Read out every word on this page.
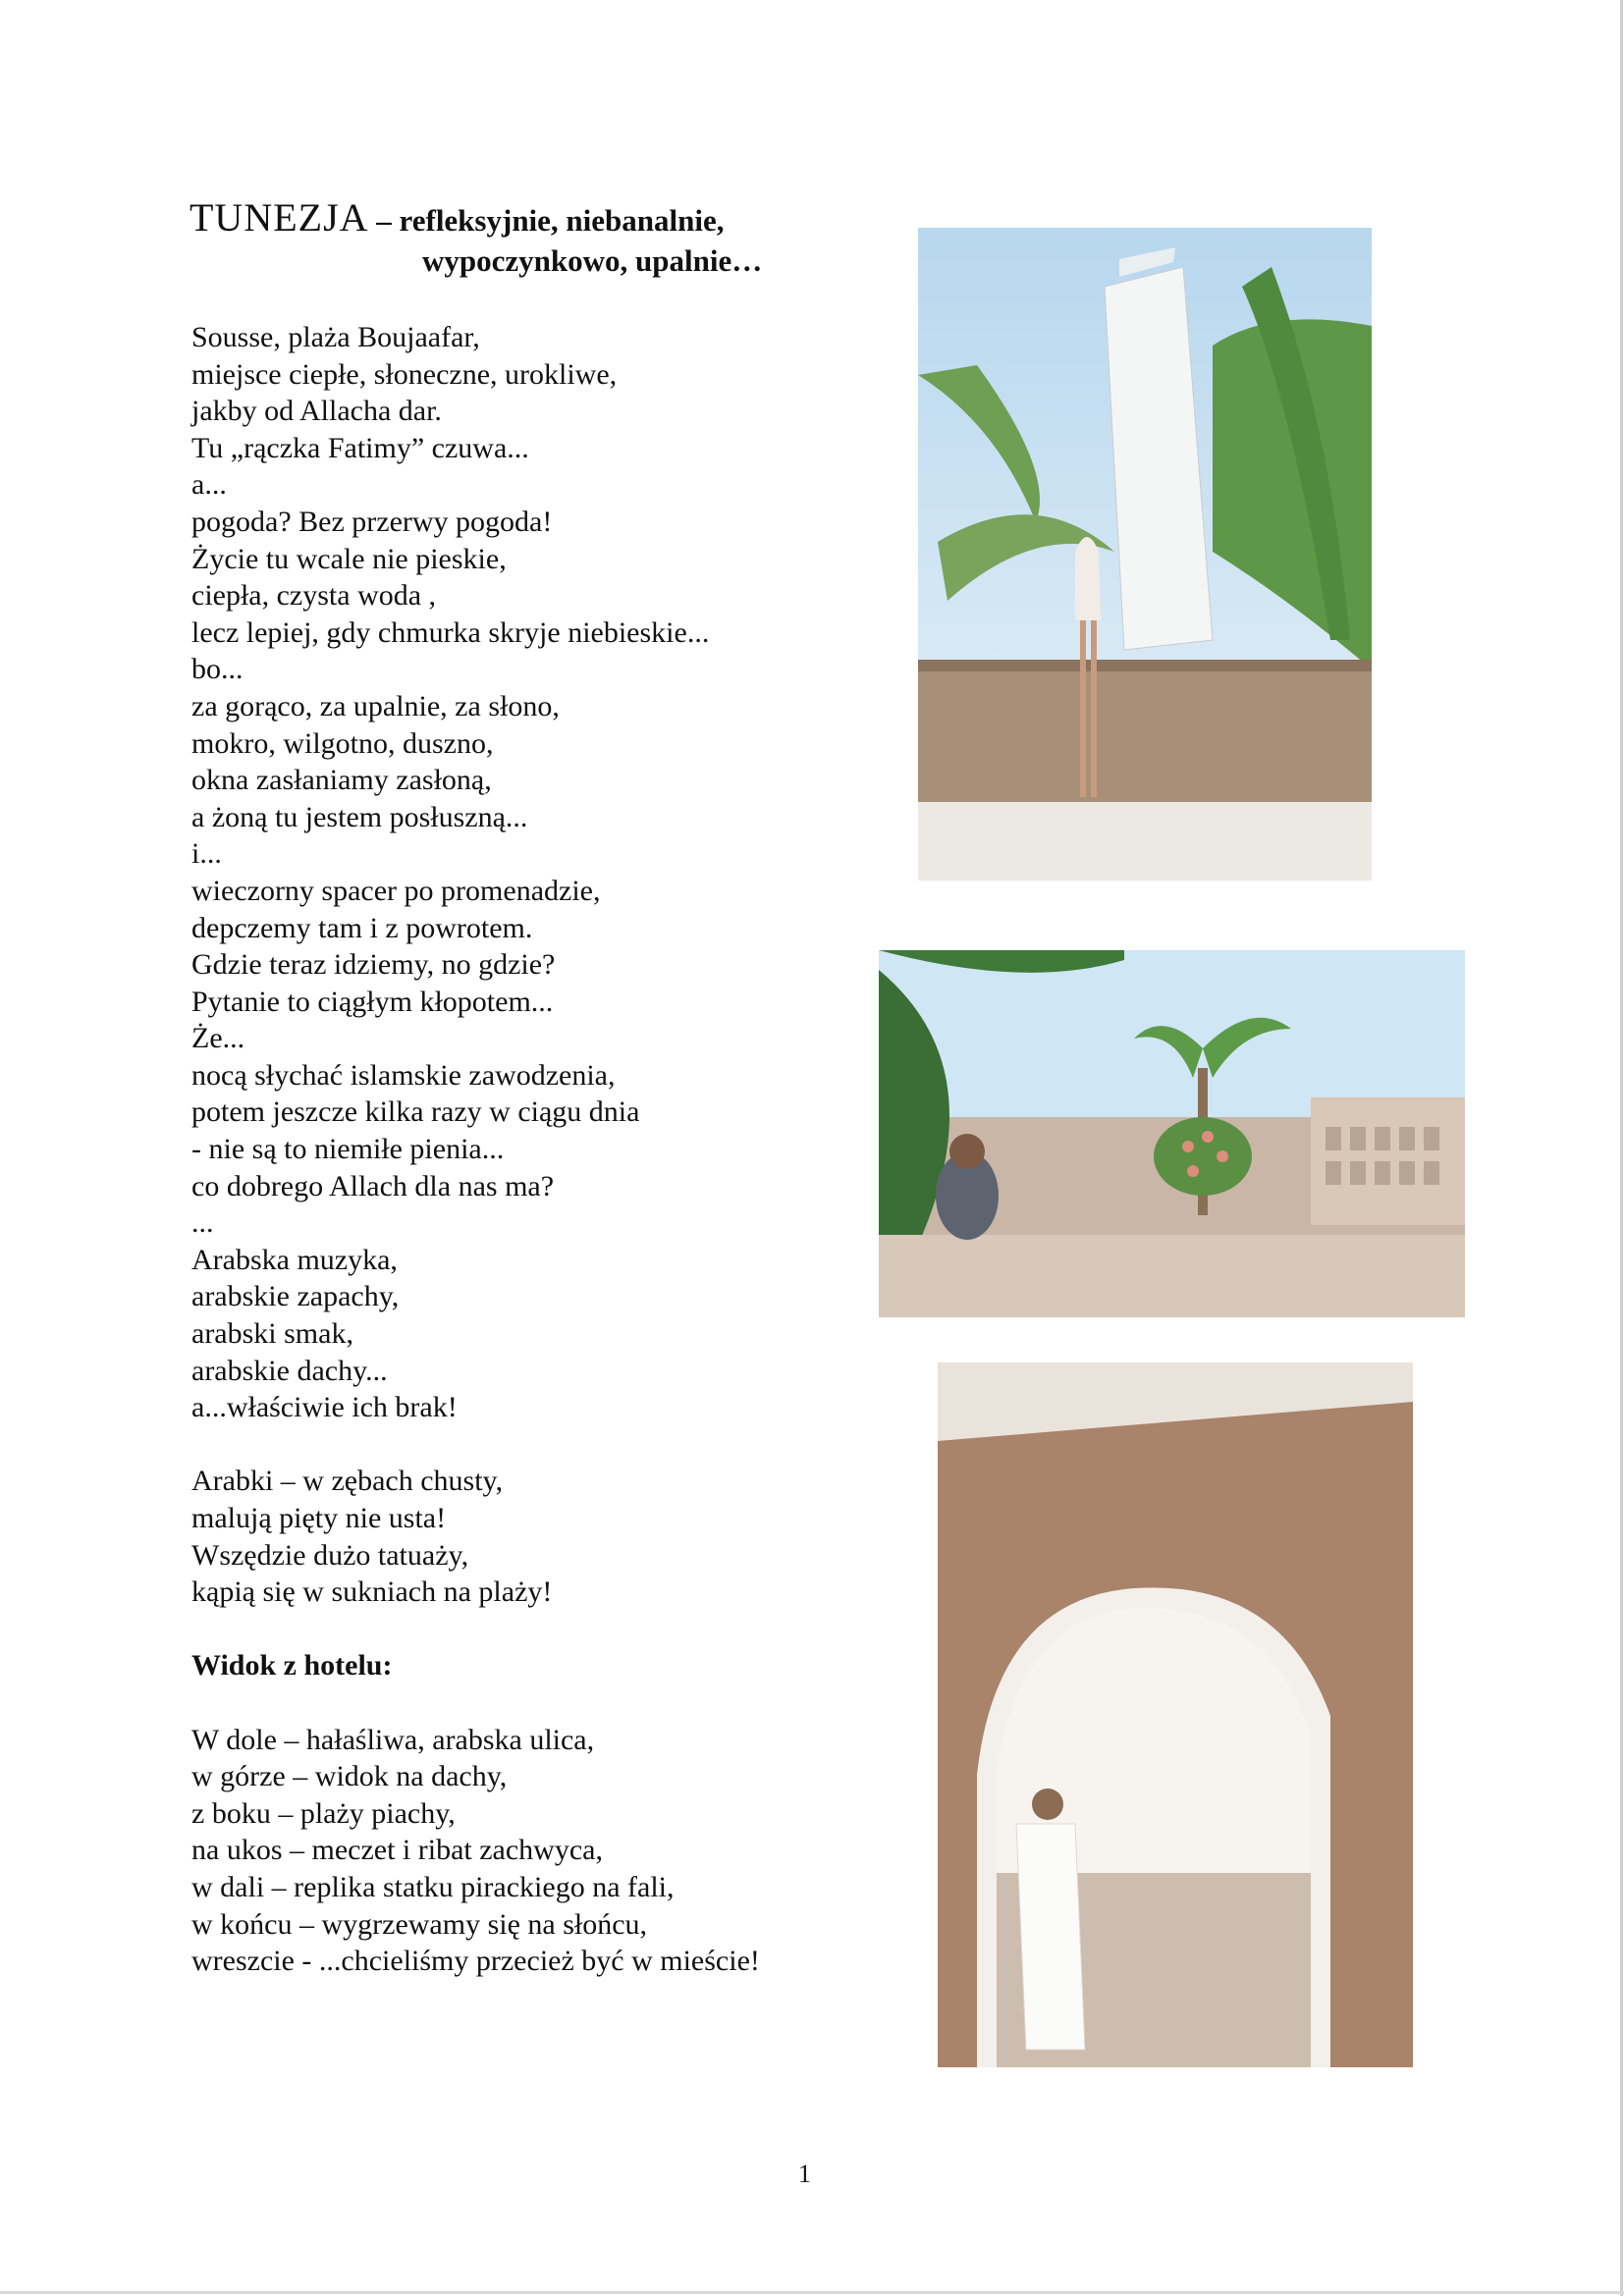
TUNEZJA – refleksyjnie, niebanalnie,
wypoczynkowo, upalnie…
Sousse, plaża Boujaafar,
miejsce ciepłe, słoneczne, urokliwe,
jakby od Allacha dar.
Tu „rączka Fatimy” czuwa...
a...
pogoda? Bez przerwy pogoda!
Życie tu wcale nie pieskie,
ciepła, czysta woda ,
lecz lepiej, gdy chmurka skryje niebieskie...
bo...
za gorąco, za upalnie, za słono,
mokro, wilgotno, duszno,
okna zasłaniamy zasłoną,
a żoną tu jestem posłuszną...
i...
wieczorny spacer po promenadzie,
depczemy tam i z powrotem.
Gdzie teraz idziemy, no gdzie?
Pytanie to ciągłym kłopotem...
Że...
nocą słychać islamskie zawodzenia,
potem jeszcze kilka razy w ciągu dnia
- nie są to niemiłe pienia...
co dobrego Allach dla nas ma?
...
Arabska muzyka,
arabskie zapachy,
arabski smak,
arabskie dachy...
a...właściwie ich brak!
Arabki – w zębach chusty,
malują pięty nie usta!
Wszędzie dużo tatuaży,
kąpią się w sukniach na plaży!
Widok z hotelu:
W dole – hałaśliwa, arabska ulica,
w górze – widok na dachy,
z boku – plaży piachy,
na ukos – meczet i ribat zachwyca,
w dali – replika statku pirackiego na fali,
w końcu – wygrzewamy się na słońcu,
wreszcie - ...chcieliśmy przecież być w mieście!
1
